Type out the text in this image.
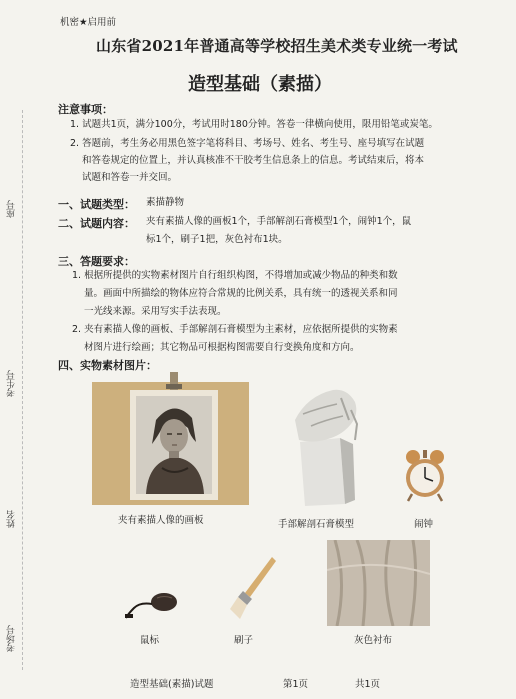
座号
考生号
姓名
考场号
机密★启用前
山东省2021年普通高等学校招生美术类专业统一考试
造型基础（素描）
注意事项：
1. 试题共1页，满分100分，考试用时180分钟。答卷一律横向使用，限用铅笔或炭笔。
2. 答题前，考生务必用黑色签字笔将科目、考场号、姓名、考生号、座号填写在试题
和答卷规定的位置上，并认真核准不干胶考生信息条上的信息。考试结束后，将本
试题和答卷一并交回。
一、试题类型： 素描静物
二、试题内容： 夹有素描人像的画板1个，手部解剖石膏模型1个，闹钟1个，鼠
标1个，刷子1把，灰色衬布1块。
三、答题要求：
1. 根据所提供的实物素材图片自行组织构图，不得增加或减少物品的种类和数
量。画面中所描绘的物体应符合常规的比例关系，具有统一的透视关系和同
一光线来源。采用写实手法表现。
2. 夹有素描人像的画板、手部解剖石膏模型为主素材，应依据所提供的实物素
材图片进行绘画；其它物品可根据构图需要自行变换角度和方向。
四、实物素材图片：
夹有素描人像的画板	手部解剖石膏模型	闹钟
鼠标	刷子	灰色衬布
造型基础(素描)试题	第1页	共1页
